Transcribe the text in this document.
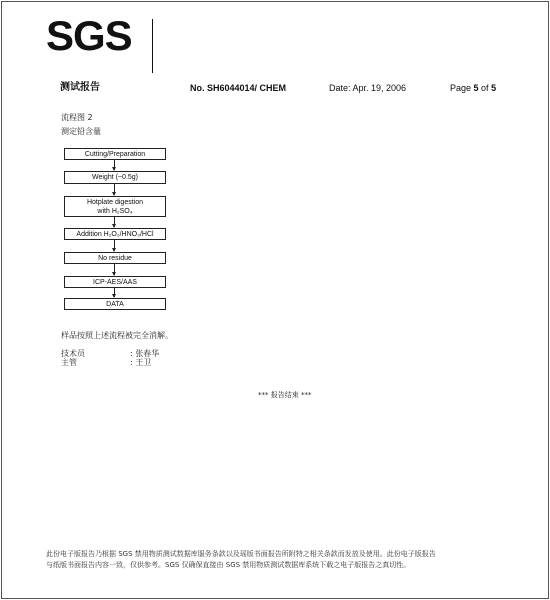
SGS
测试报告	No. SH6044014/ CHEM	Date: Apr. 19, 2006	Page 5 of 5
流程图 2
测定铅含量
Cutting/Preparation
Weight (~0.5g)
Hotplate digestion
with H₂SO₄
Addition H₂O₂/HNO₃/HCl
No residue
ICP-AES/AAS
DATA
样品按照上述流程被完全消解。
技术员	: 张春华
主管	: 王卫
*** 报告结束 ***
此份电子版报告乃根据 SGS 禁用物质测试数据库服务条款以及瑶版书面报告所附特之相关条款而发放及使用。此份电子版报告
与纸版书面报告内容一致，仅供参考。SGS 仅确保直接由 SGS 禁用物质测试数据库系统下载之电子版报告之真切性。
